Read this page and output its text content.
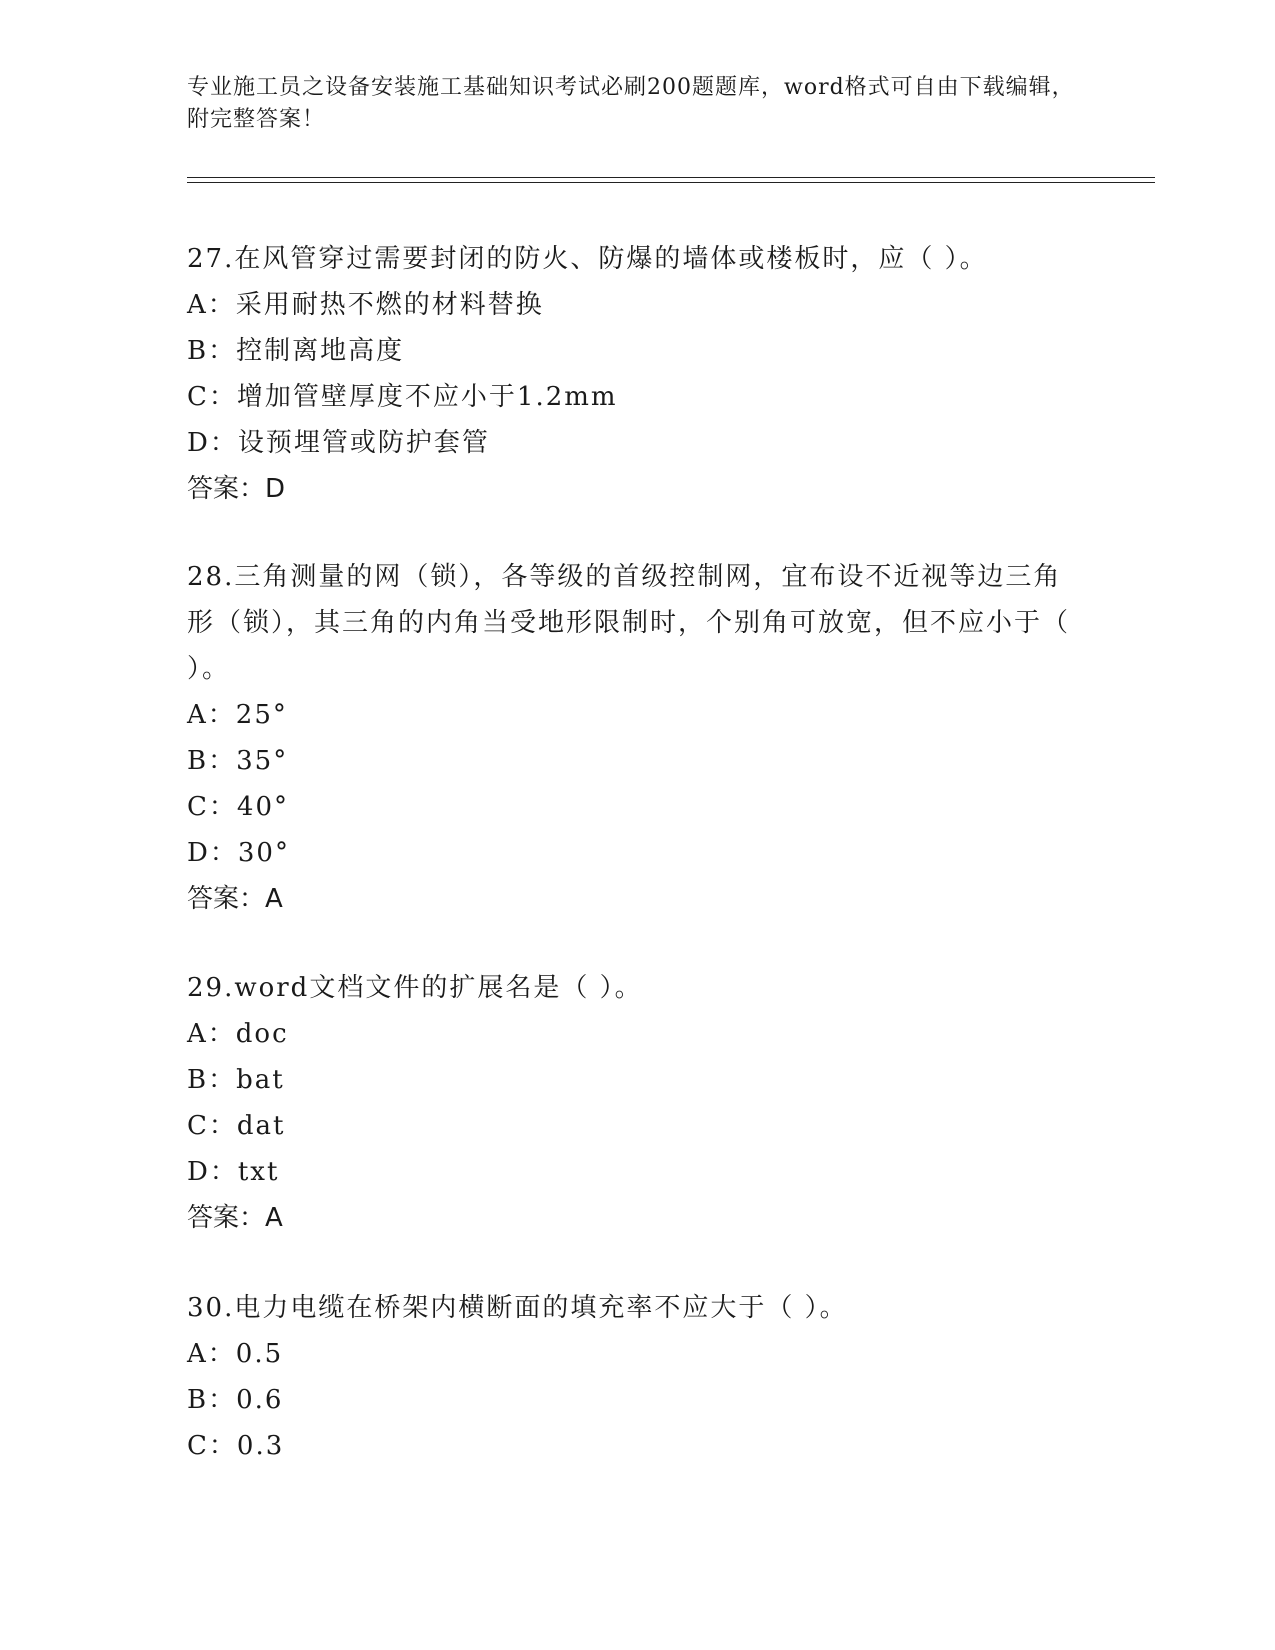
专业施工员之设备安装施工基础知识考试必刷200题题库，word格式可自由下载编辑，附完整答案！

27.在风管穿过需要封闭的防火、防爆的墙体或楼板时，应（ ）。

A：采用耐热不燃的材料替换

B：控制离地高度

C：增加管壁厚度不应小于1.2mm

D：设预埋管或防护套管

答案：D

28.三角测量的网（锁），各等级的首级控制网，宜布设不近视等边三角形（锁），其三角的内角当受地形限制时，个别角可放宽，但不应小于（ ）。

A：25°

B：35°

C：40°

D：30°

答案：A

29.word文档文件的扩展名是（ ）。

A：doc

B：bat

C：dat

D：txt

答案：A

30.电力电缆在桥架内横断面的填充率不应大于（ ）。

A：0.5

B：0.6

C：0.3
